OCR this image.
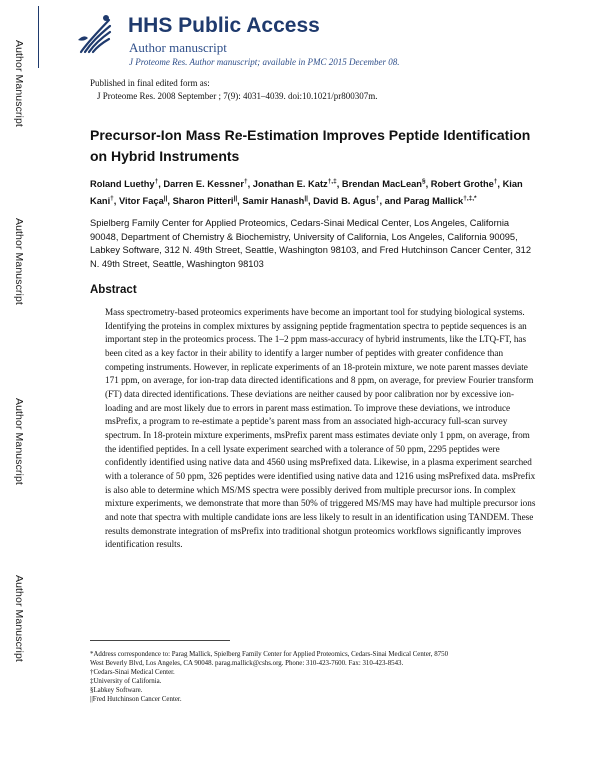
Author Manuscript
Author Manuscript
Author Manuscript
Author Manuscript
HHS Public Access
Author manuscript
J Proteome Res. Author manuscript; available in PMC 2015 December 08.
Published in final edited form as:
J Proteome Res. 2008 September ; 7(9): 4031–4039. doi:10.1021/pr800307m.
Precursor-Ion Mass Re-Estimation Improves Peptide Identification on Hybrid Instruments
Roland Luethy†, Darren E. Kessner†, Jonathan E. Katz†,‡, Brendan MacLean§, Robert Grothe†, Kian Kani†, Vitor Faça||, Sharon Pitteri||, Samir Hanash||, David B. Agus†, and Parag Mallick†,‡,*
Spielberg Family Center for Applied Proteomics, Cedars-Sinai Medical Center, Los Angeles, California 90048, Department of Chemistry & Biochemistry, University of California, Los Angeles, California 90095, Labkey Software, 312 N. 49th Street, Seattle, Washington 98103, and Fred Hutchinson Cancer Center, 312 N. 49th Street, Seattle, Washington 98103
Abstract
Mass spectrometry-based proteomics experiments have become an important tool for studying biological systems. Identifying the proteins in complex mixtures by assigning peptide fragmentation spectra to peptide sequences is an important step in the proteomics process. The 1–2 ppm mass-accuracy of hybrid instruments, like the LTQ-FT, has been cited as a key factor in their ability to identify a larger number of peptides with greater confidence than competing instruments. However, in replicate experiments of an 18-protein mixture, we note parent masses deviate 171 ppm, on average, for ion-trap data directed identifications and 8 ppm, on average, for preview Fourier transform (FT) data directed identifications. These deviations are neither caused by poor calibration nor by excessive ion-loading and are most likely due to errors in parent mass estimation. To improve these deviations, we introduce msPrefix, a program to re-estimate a peptide’s parent mass from an associated high-accuracy full-scan survey spectrum. In 18-protein mixture experiments, msPrefix parent mass estimates deviate only 1 ppm, on average, from the identified peptides. In a cell lysate experiment searched with a tolerance of 50 ppm, 2295 peptides were confidently identified using native data and 4560 using msPrefixed data. Likewise, in a plasma experiment searched with a tolerance of 50 ppm, 326 peptides were identified using native data and 1216 using msPrefixed data. msPrefix is also able to determine which MS/MS spectra were possibly derived from multiple precursor ions. In complex mixture experiments, we demonstrate that more than 50% of triggered MS/MS may have had multiple precursor ions and note that spectra with multiple candidate ions are less likely to result in an identification using TANDEM. These results demonstrate integration of msPrefix into traditional shotgun proteomics workflows significantly improves identification results.
*Address correspondence to: Parag Mallick, Spielberg Family Center for Applied Proteomics, Cedars-Sinai Medical Center, 8750
West Beverly Blvd, Los Angeles, CA 90048. parag.mallick@cshs.org. Phone: 310-423-7600. Fax: 310-423-8543.
†Cedars-Sinai Medical Center.
‡University of California.
§Labkey Software.
||Fred Hutchinson Cancer Center.
